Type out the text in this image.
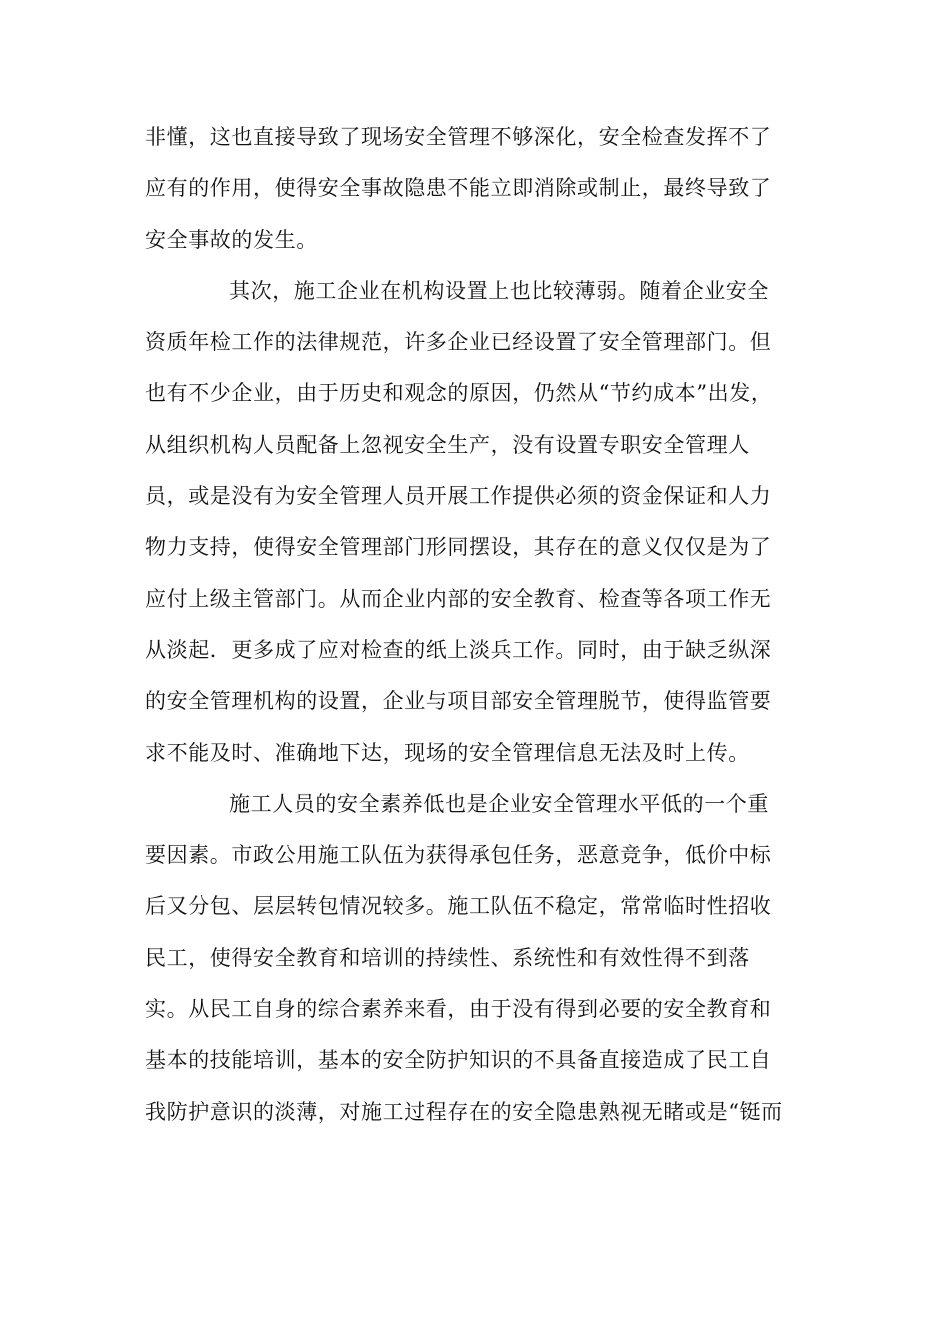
非懂，这也直接导致了现场安全管理不够深化，安全检查发挥不了
应有的作用，使得安全事故隐患不能立即消除或制止，最终导致了
安全事故的发生。
其次，施工企业在机构设置上也比较薄弱。随着企业安全
资质年检工作的法律规范，许多企业已经设置了安全管理部门。但
也有不少企业，由于历史和观念的原因，仍然从“节约成本”出发，
从组织机构人员配备上忽视安全生产，没有设置专职安全管理人
员，或是没有为安全管理人员开展工作提供必须的资金保证和人力
物力支持，使得安全管理部门形同摆设，其存在的意义仅仅是为了
应付上级主管部门。从而企业内部的安全教育、检查等各项工作无
从淡起．更多成了应对检查的纸上淡兵工作。同时，由于缺乏纵深
的安全管理机构的设置，企业与项目部安全管理脱节，使得监管要
求不能及时、准确地下达，现场的安全管理信息无法及时上传。
施工人员的安全素养低也是企业安全管理水平低的一个重
要因素。市政公用施工队伍为获得承包任务，恶意竞争，低价中标
后又分包、层层转包情况较多。施工队伍不稳定，常常临时性招收
民工，使得安全教育和培训的持续性、系统性和有效性得不到落
实。从民工自身的综合素养来看，由于没有得到必要的安全教育和
基本的技能培训，基本的安全防护知识的不具备直接造成了民工自
我防护意识的淡薄，对施工过程存在的安全隐患熟视无睹或是“铤而
